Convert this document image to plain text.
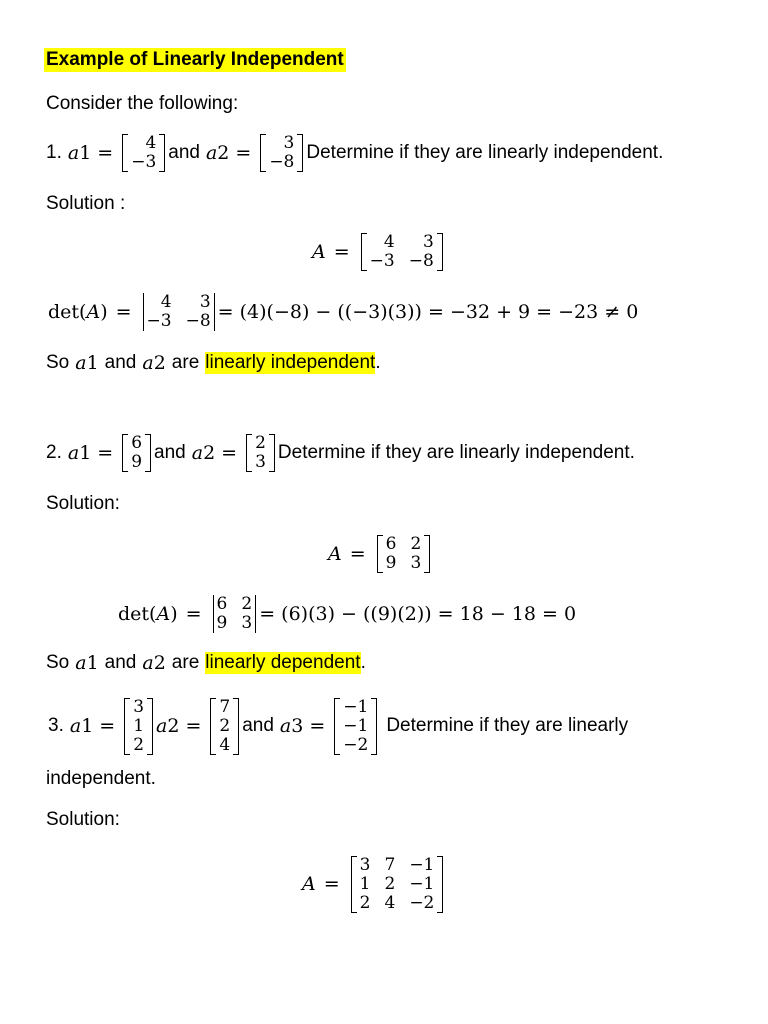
Example of Linearly Independent
Consider the following:
1. a 1 =	4
−3 and a 2 =	3
−8 Determine if they are linearly independent.
Solution :
A =	4	3
−3 −8
det( A ) =	4	3
−3 −8 = (4)(−8) − ((−3)(3)) = −32 + 9 = −23 ≠ 0
So a 1 and a 2 are linearly independent .
2. a 1 = 6
9 and a 2 = 2
3 Determine if they are linearly independent.
Solution:
A = 6 2
9 3
det( A ) = 6 2
9 3 = (6)(3) − ((9)(2)) = 18 − 18 = 0
So a 1 and a 2 are linearly dependent .
3. a 1 =
3
1
2
a 2 =
7
2
4
and a 3 =
−1
−1
−2
Determine if they are linearly
independent.
Solution:
A =
3 7 −1
1 2 −1
2 4 −2
